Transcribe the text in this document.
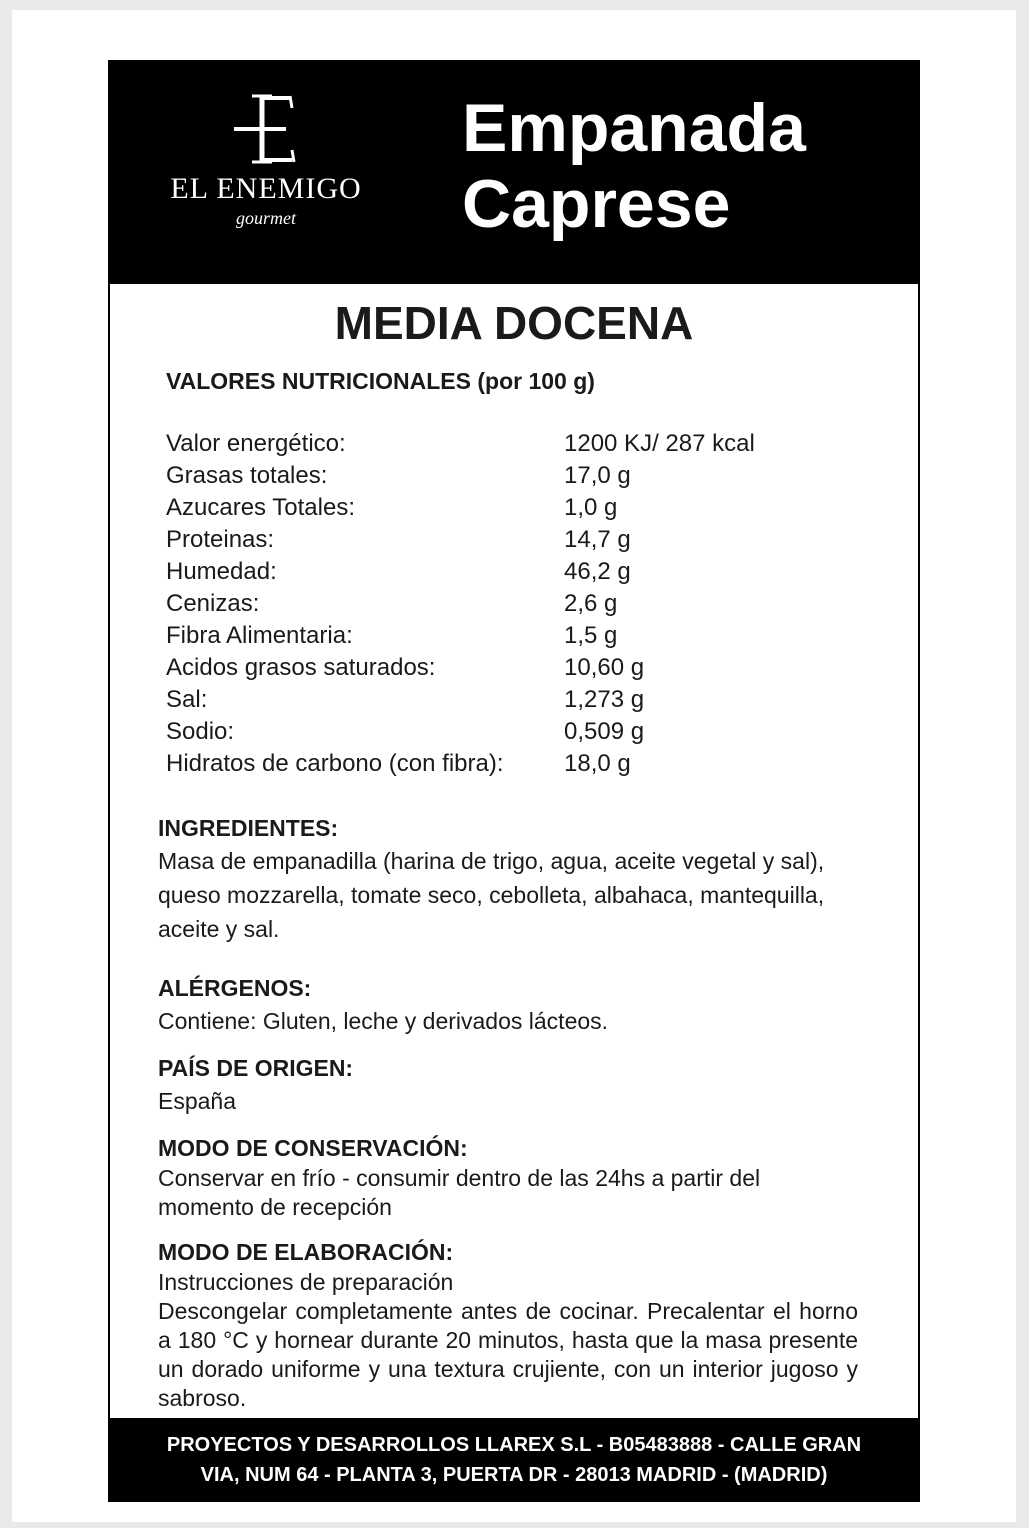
EL ENEMIGO
gourmet
Empanada
Caprese
MEDIA DOCENA
VALORES NUTRICIONALES (por 100 g)
Valor energético:	1200 KJ/ 287 kcal
Grasas totales:	17,0 g
Azucares Totales:	1,0 g
Proteinas:	14,7 g
Humedad:	46,2 g
Cenizas:	2,6 g
Fibra Alimentaria:	1,5 g
Acidos grasos saturados:	10,60 g
Sal:	1,273 g
Sodio:	0,509 g
Hidratos de carbono (con fibra):	18,0 g
INGREDIENTES:
Masa de empanadilla (harina de trigo, agua, aceite vegetal y sal),
queso mozzarella, tomate seco, cebolleta, albahaca, mantequilla,
aceite y sal.
ALÉRGENOS:
Contiene: Gluten, leche y derivados lácteos.
PAÍS DE ORIGEN:
España
MODO DE CONSERVACIÓN:
Conservar en frío - consumir dentro de las 24hs a partir del
momento de recepción
MODO DE ELABORACIÓN:
Instrucciones de preparación
Descongelar completamente antes de cocinar. Precalentar el horno a 180 °C y hornear durante 20 minutos, hasta que la masa presente un dorado uniforme y una textura crujiente, con un interior jugoso y sabroso.
PROYECTOS Y DESARROLLOS LLAREX S.L - B05483888 - CALLE GRAN
VIA, NUM 64 - PLANTA 3, PUERTA DR - 28013 MADRID - (MADRID)
